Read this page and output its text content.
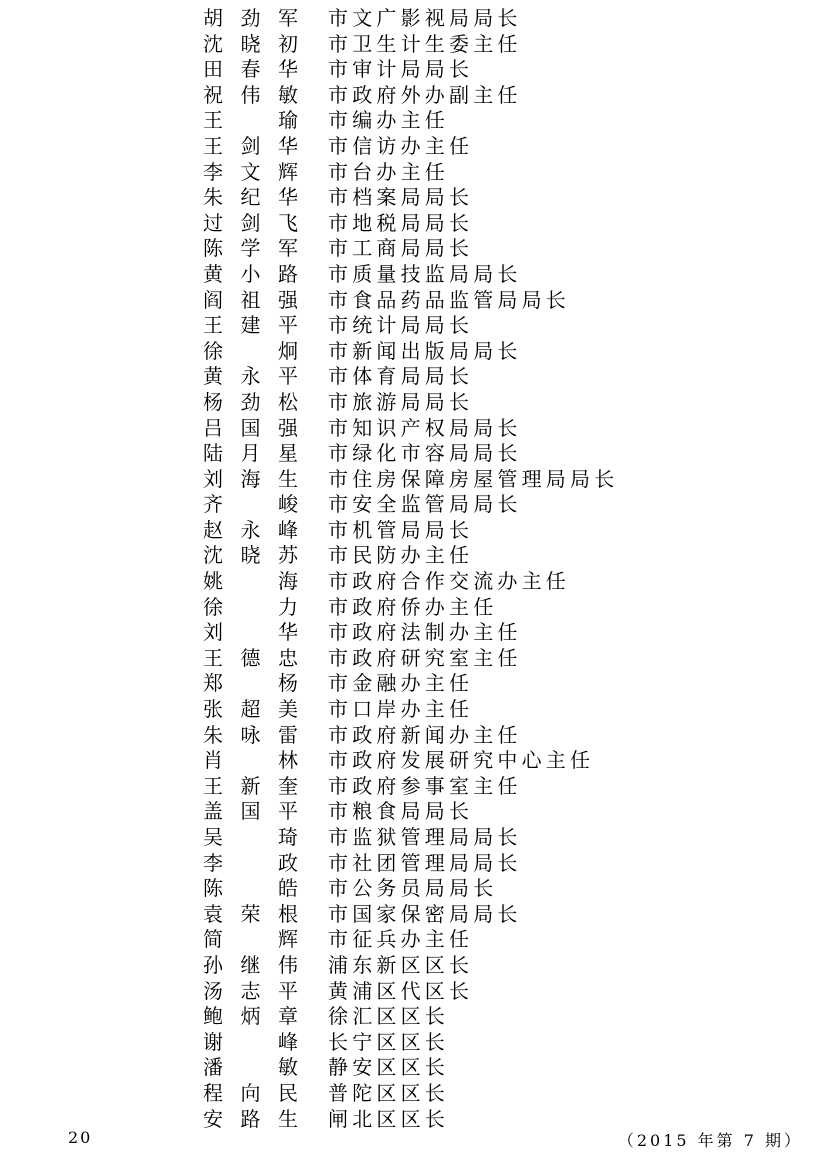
胡劲军 市文广影视局局长
沈晓初 市卫生计生委主任
田春华 市审计局局长
祝伟敏 市政府外办副主任
王　瑜 市编办主任
王剑华 市信访办主任
李文辉 市台办主任
朱纪华 市档案局局长
过剑飞 市地税局局长
陈学军 市工商局局长
黄小路 市质量技监局局长
阎祖强 市食品药品监管局局长
王建平 市统计局局长
徐　炯 市新闻出版局局长
黄永平 市体育局局长
杨劲松 市旅游局局长
吕国强 市知识产权局局长
陆月星 市绿化市容局局长
刘海生 市住房保障房屋管理局局长
齐　峻 市安全监管局局长
赵永峰 市机管局局长
沈晓苏 市民防办主任
姚　海 市政府合作交流办主任
徐　力 市政府侨办主任
刘　华 市政府法制办主任
王德忠 市政府研究室主任
郑　杨 市金融办主任
张超美 市口岸办主任
朱咏雷 市政府新闻办主任
肖　林 市政府发展研究中心主任
王新奎 市政府参事室主任
盖国平 市粮食局局长
吴　琦 市监狱管理局局长
李　政 市社团管理局局长
陈　皓 市公务员局局长
袁荣根 市国家保密局局长
简　辉 市征兵办主任
孙继伟 浦东新区区长
汤志平 黄浦区代区长
鲍炳章 徐汇区区长
谢　峰 长宁区区长
潘　敏 静安区区长
程向民 普陀区区长
安路生 闸北区区长
20	（2015 年第 7 期）
